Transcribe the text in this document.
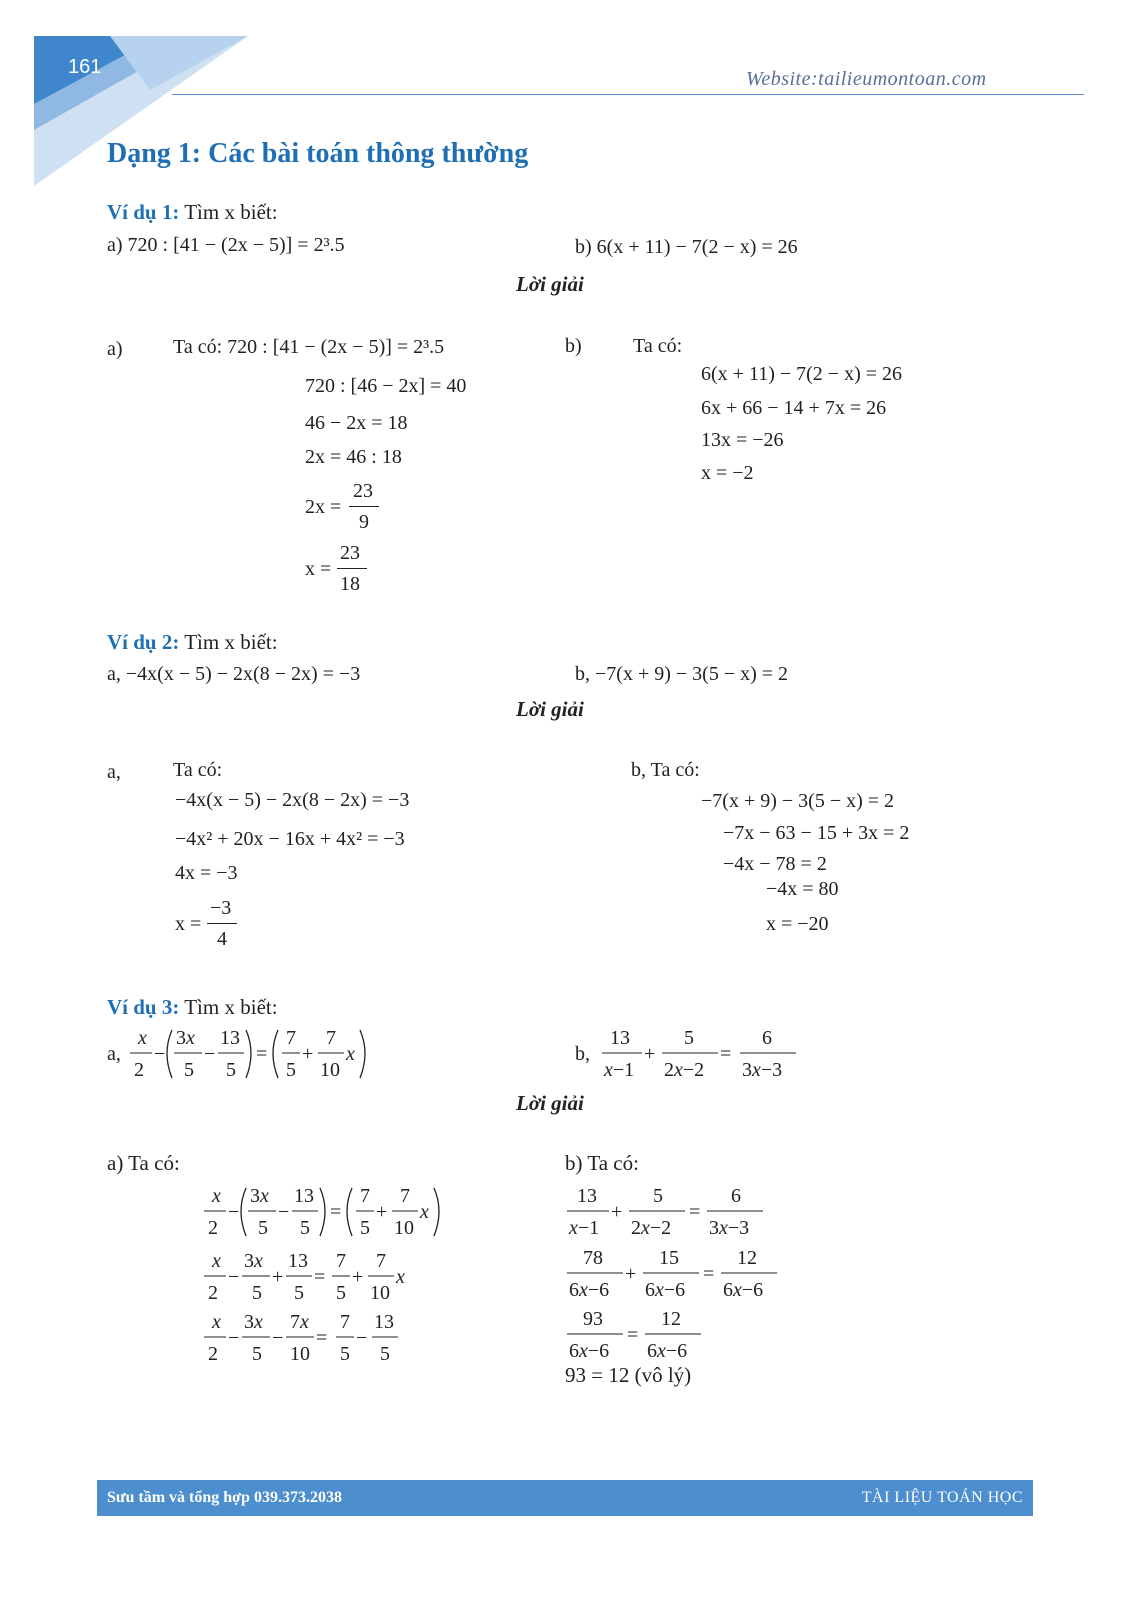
161
Website:tailieumontoan.com
Dạng 1: Các bài toán thông thường
Ví dụ 1: Tìm x biết:
a) 720 : [41 − (2x − 5)] = 2³.5	b) 6(x + 11) − 7(2 − x) = 26
Lời giải
a)	Ta có: 720 : [41 − (2x − 5)] = 2³.5
720 : [46 − 2x] = 40
46 − 2x = 18
2x = 46 : 18
2x =
23
9
x =
23
18
b)	Ta có:
6(x + 11) − 7(2 − x) = 26
6x + 66 − 14 + 7x = 26
13x = −26
x = −2
Ví dụ 2: Tìm x biết:
a, −4x(x − 5) − 2x(8 − 2x) = −3	b, −7(x + 9) − 3(5 − x) = 2
Lời giải
a,	Ta có:
−4x(x − 5) − 2x(8 − 2x) = −3
−4x² + 20x − 16x + 4x² = −3
4x = −3
x =
−3
4
b, Ta có:
−7(x + 9) − 3(5 − x) = 2
−7x − 63 − 15 + 3x = 2
−4x − 78 = 2
−4x = 80
x = −20
Ví dụ 3: Tìm x biết:
a,
x
2
−
3x
5
−
13
5
=
7
5
+
7
10
x	b,
13
x−1
+
5
2x−2
=
6
3x−3
Lời giải
a) Ta có:
x
2
−
3x
5
−
13
5
=
7
5
+
7
10
x
x
2
−
3x
5
+
13
5
=
7
5
+
7
10
x
x
2
−
3x
5
−
7x
10
=
7
5
−
13
5
b) Ta có:
13
x−1
+
5
2x−2
=
6
3x−3
78
6x−6
+
15
6x−6
=
12
6x−6
93
6x−6
=
12
6x−6
93 = 12 (vô lý)
Sưu tầm và tổng hợp 039.373.2038	TÀI LIỆU TOÁN HỌC
